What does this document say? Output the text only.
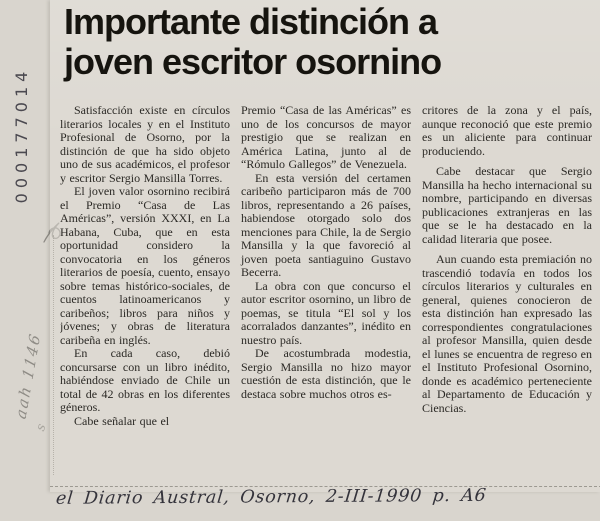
000177014
aah 1146
s
Importante distinción a
joven escritor osornino

Satisfacción existe en círculos literarios locales y en el Instituto Profesional de Osorno, por la distinción de que ha sido objeto uno de sus académicos, el profesor y escritor Sergio Mansilla Torres.

El joven valor osornino recibirá el Premio “Casa de Las Américas”, versión XXXI, en La Habana, Cuba, que en esta oportunidad considero la convocatoria en los géneros literarios de poesía, cuento, ensayo sobre temas histórico-sociales, de cuentos latinoamericanos y caribeños; libros para niños y jóvenes; y obras de literatura caribeña en inglés.

En cada caso, debió concursarse con un libro inédito, habiéndose enviado de Chile un total de 42 obras en los diferentes géneros.

Cabe señalar que el

Premio “Casa de las Américas” es uno de los concursos de mayor prestigio que se realizan en América Latina, junto al de “Rómulo Gallegos” de Venezuela.

En esta versión del certamen caribeño participaron más de 700 libros, representando a 26 países, habiendose otorgado solo dos menciones para Chile, la de Sergio Mansilla y la que favoreció al joven poeta santiaguino Gustavo Becerra.

La obra con que concurso el autor escritor osornino, un libro de poemas, se titula “El sol y los acorralados danzantes”, inédito en nuestro país.

De acostumbrada modestia, Sergio Mansilla no hizo mayor cuestión de esta distinción, que le destaca sobre muchos otros es-

critores de la zona y el país, aunque reconoció que este premio es un aliciente para continuar produciendo.

Cabe destacar que Sergio Mansilla ha hecho internacional su nombre, participando en diversas publicaciones extranjeras en las que se le ha destacado en la calidad literaria que posee.

Aun cuando esta premiación no trascendió todavía en todos los círculos literarios y culturales en general, quienes conocieron de esta distinción han expresado las correspondientes congratulaciones al profesor Mansilla, quien desde el lunes se encuentra de regreso en el Instituto Profesional Osornino, donde es académico perteneciente al Departamento de Educación y Ciencias.

el Diario Austral, Osorno, 2-III-1990 p. A6
